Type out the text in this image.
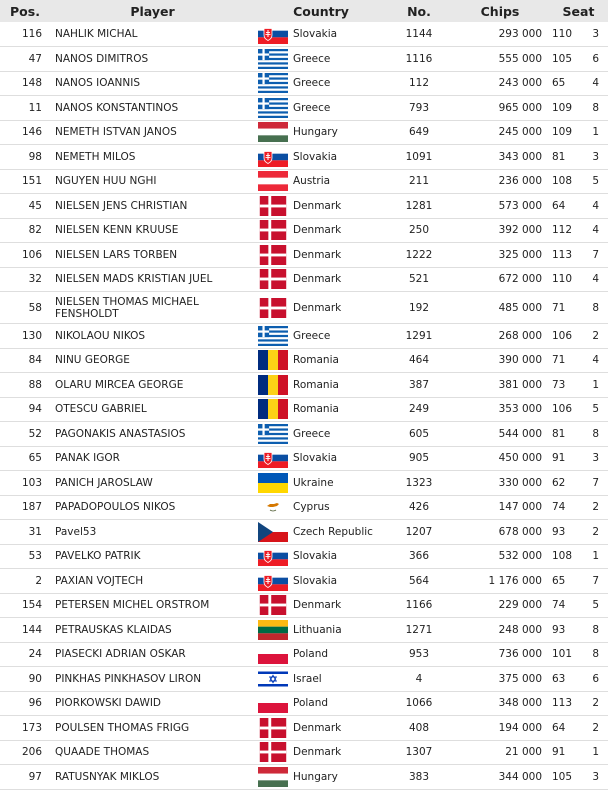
Pos.	Player	Country	No.	Chips	Seat	
116	NAHLIK MICHAL	Slovakia	1144	293 000	110	3
47	NANOS DIMITROS	Greece	1116	555 000	105	6
148	NANOS IOANNIS	Greece	112	243 000	65	4
11	NANOS KONSTANTINOS	Greece	793	965 000	109	8
146	NEMETH ISTVAN JANOS	Hungary	649	245 000	109	1
98	NEMETH MILOS	Slovakia	1091	343 000	81	3
151	NGUYEN HUU NGHI	Austria	211	236 000	108	5
45	NIELSEN JENS CHRISTIAN	Denmark	1281	573 000	64	4
82	NIELSEN KENN KRUUSE	Denmark	250	392 000	112	4
106	NIELSEN LARS TORBEN	Denmark	1222	325 000	113	7
32	NIELSEN MADS KRISTIAN JUEL	Denmark	521	672 000	110	4
58	NIELSEN THOMAS MICHAEL FENSHOLDT	Denmark	192	485 000	71	8
130	NIKOLAOU NIKOS	Greece	1291	268 000	106	2
84	NINU GEORGE	Romania	464	390 000	71	4
88	OLARU MIRCEA GEORGE	Romania	387	381 000	73	1
94	OTESCU GABRIEL	Romania	249	353 000	106	5
52	PAGONAKIS ANASTASIOS	Greece	605	544 000	81	8
65	PANAK IGOR	Slovakia	905	450 000	91	3
103	PANICH JAROSLAW	Ukraine	1323	330 000	62	7
187	PAPADOPOULOS NIKOS	Cyprus	426	147 000	74	2
31	Pavel53	Czech Republic	1207	678 000	93	2
53	PAVELKO PATRIK	Slovakia	366	532 000	108	1
2	PAXIAN VOJTECH	Slovakia	564	1 176 000	65	7
154	PETERSEN MICHEL ORSTROM	Denmark	1166	229 000	74	5
144	PETRAUSKAS KLAIDAS	Lithuania	1271	248 000	93	8
24	PIASECKI ADRIAN OSKAR	Poland	953	736 000	101	8
90	PINKHAS PINKHASOV LIRON	Israel	4	375 000	63	6
96	PIORKOWSKI DAWID	Poland	1066	348 000	113	2
173	POULSEN THOMAS FRIGG	Denmark	408	194 000	64	2
206	QUAADE THOMAS	Denmark	1307	21 000	91	1
97	RATUSNYAK MIKLOS	Hungary	383	344 000	105	3
